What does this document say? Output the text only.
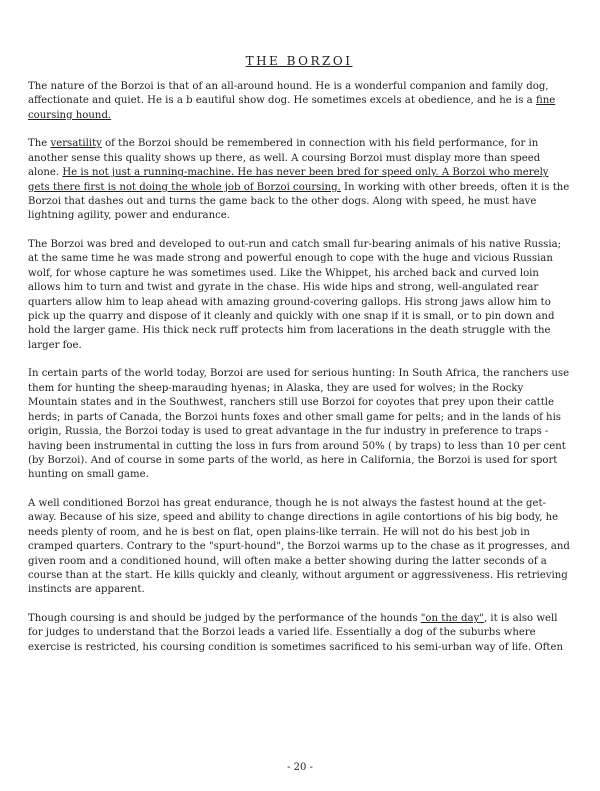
THE BORZOI

The nature of the Borzoi is that of an all-around hound. He is a wonderful companion and family dog, affectionate and quiet. He is a b eautiful show dog. He sometimes excels at obedience, and he is a fine coursing hound.

The versatility of the Borzoi should be remembered in connection with his field performance, for in another sense this quality shows up there, as well. A coursing Borzoi must display more than speed alone. He is not just a running-machine. He has never been bred for speed only. A Borzoi who merely gets there first is not doing the whole job of Borzoi coursing. In working with other breeds, often it is the Borzoi that dashes out and turns the game back to the other dogs. Along with speed, he must have lightning agility, power and endurance.

The Borzoi was bred and developed to out-run and catch small fur-bearing animals of his native Russia; at the same time he was made strong and powerful enough to cope with the huge and vicious Russian wolf, for whose capture he was sometimes used. Like the Whippet, his arched back and curved loin allows him to turn and twist and gyrate in the chase. His wide hips and strong, well-angulated rear quarters allow him to leap ahead with amazing ground-covering gallops. His strong jaws allow him to pick up the quarry and dispose of it cleanly and quickly with one snap if it is small, or to pin down and hold the larger game. His thick neck ruff protects him from lacerations in the death struggle with the larger foe.

In certain parts of the world today, Borzoi are used for serious hunting: In South Africa, the ranchers use them for hunting the sheep-marauding hyenas; in Alaska, they are used for wolves; in the Rocky Mountain states and in the Southwest, ranchers still use Borzoi for coyotes that prey upon their cattle herds; in parts of Canada, the Borzoi hunts foxes and other small game for pelts; and in the lands of his origin, Russia, the Borzoi today is used to great advantage in the fur industry in preference to traps - having been instrumental in cutting the loss in furs from around 50% ( by traps) to less than 10 per cent (by Borzoi). And of course in some parts of the world, as here in California, the Borzoi is used for sport hunting on small game.

A well conditioned Borzoi has great endurance, though he is not always the fastest hound at the get-away. Because of his size, speed and ability to change directions in agile contortions of his big body, he needs plenty of room, and he is best on flat, open plains-like terrain. He will not do his best job in cramped quarters. Contrary to the "spurt-hound", the Borzoi warms up to the chase as it progresses, and given room and a conditioned hound, will often make a better showing during the latter seconds of a course than at the start. He kills quickly and cleanly, without argument or aggressiveness. His retrieving instincts are apparent.

Though coursing is and should be judged by the performance of the hounds "on the day", it is also well for judges to understand that the Borzoi leads a varied life. Essentially a dog of the suburbs where exercise is restricted, his coursing condition is sometimes sacrificed to his semi-urban way of life. Often

- 20 -
